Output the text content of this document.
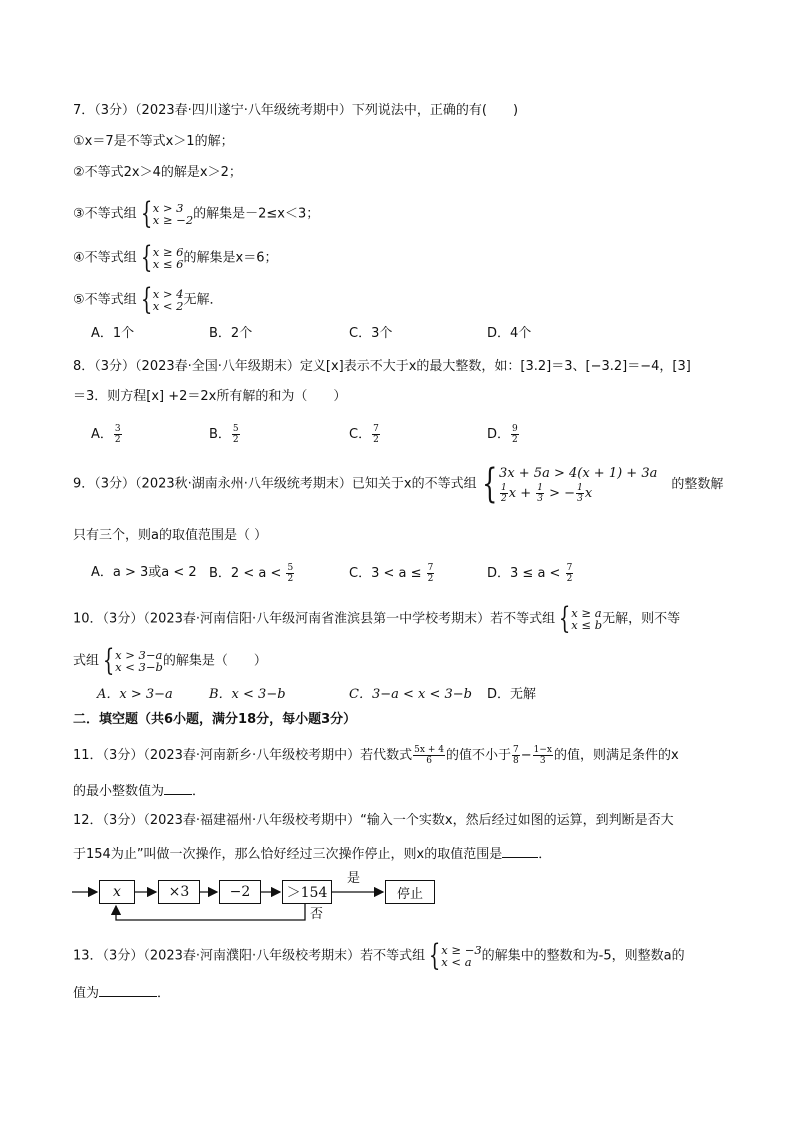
7．（3分）（2023春·四川遂宁·八年级统考期中）下列说法中，正确的有(　　)
①x＝7是不等式x＞1的解；
②不等式2x＞4的解是x＞2；
③不等式组 { x > 3
x ≥ −2 的解集是－2≤x＜3；
④不等式组 { x ≥ 6
x ≤ 6 的解集是x＝6；
⑤不等式组 { x > 4
x < 2 无解．
A．1个	B．2个	C．3个	D．4个
8．（3分）（2023春·全国·八年级期末）定义[x]表示不大于x的最大整数，如：[3.2]＝3、[−3.2]＝−4，[3]
＝3．则方程[x] +2＝2x所有解的和为（　　）
A． $\frac{3}{2}$	B． $\frac{5}{2}$	C． $\frac{7}{2}$	D． $\frac{9}{2}$
9．（3分）（2023秋·湖南永州·八年级统考期末）已知关于x的不等式组 { 3x + 5a > 4(x + 1) + 3a
$\frac{1}{2}$ $x + \frac{1}{3}$ > − $\frac{1}{3}$ x
的整数解
只有三个，则a的取值范围是（ ）
A．a > 3或a < 2 B．$2 < a < \frac{5}{2}$	C．$3 < a \le \frac{7}{2}$	D．$3 \le a < \frac{7}{2}$
10．（3分）（2023春·河南信阳·八年级河南省淮滨县第一中学校考期末）若不等式组 { x ≥ a
x ≤ b 无解，则不等
式组 { x > 3−a
x < 3−b 的解集是（　　）
A．x > 3−a	B．x < 3−b	C．3−a < x < 3−b D．无解
二．填空题（共6小题，满分18分，每小题3分）
11．（3分）（2023春·河南新乡·八年级校考期中）若代数式 $\frac{5x + 4}{6}$ 的值不小于 $\frac{7}{8} - \frac{1-x}{3}$ 的值，则满足条件的x
的最小整数值为 ．
12．（3分）（2023春·福建福州·八年级校考期中）“输入一个实数x，然后经过如图的运算，到判断是否大
于154为止”叫做一次操作，那么恰好经过三次操作停止，则x的取值范围是	．
x	×3	−2	＞154	停止
是
否
13．（3分）（2023春·河南濮阳·八年级校考期末）若不等式组 { x ≥ −3
x < a 的解集中的整数和为-5，则整数a的
值为	．
